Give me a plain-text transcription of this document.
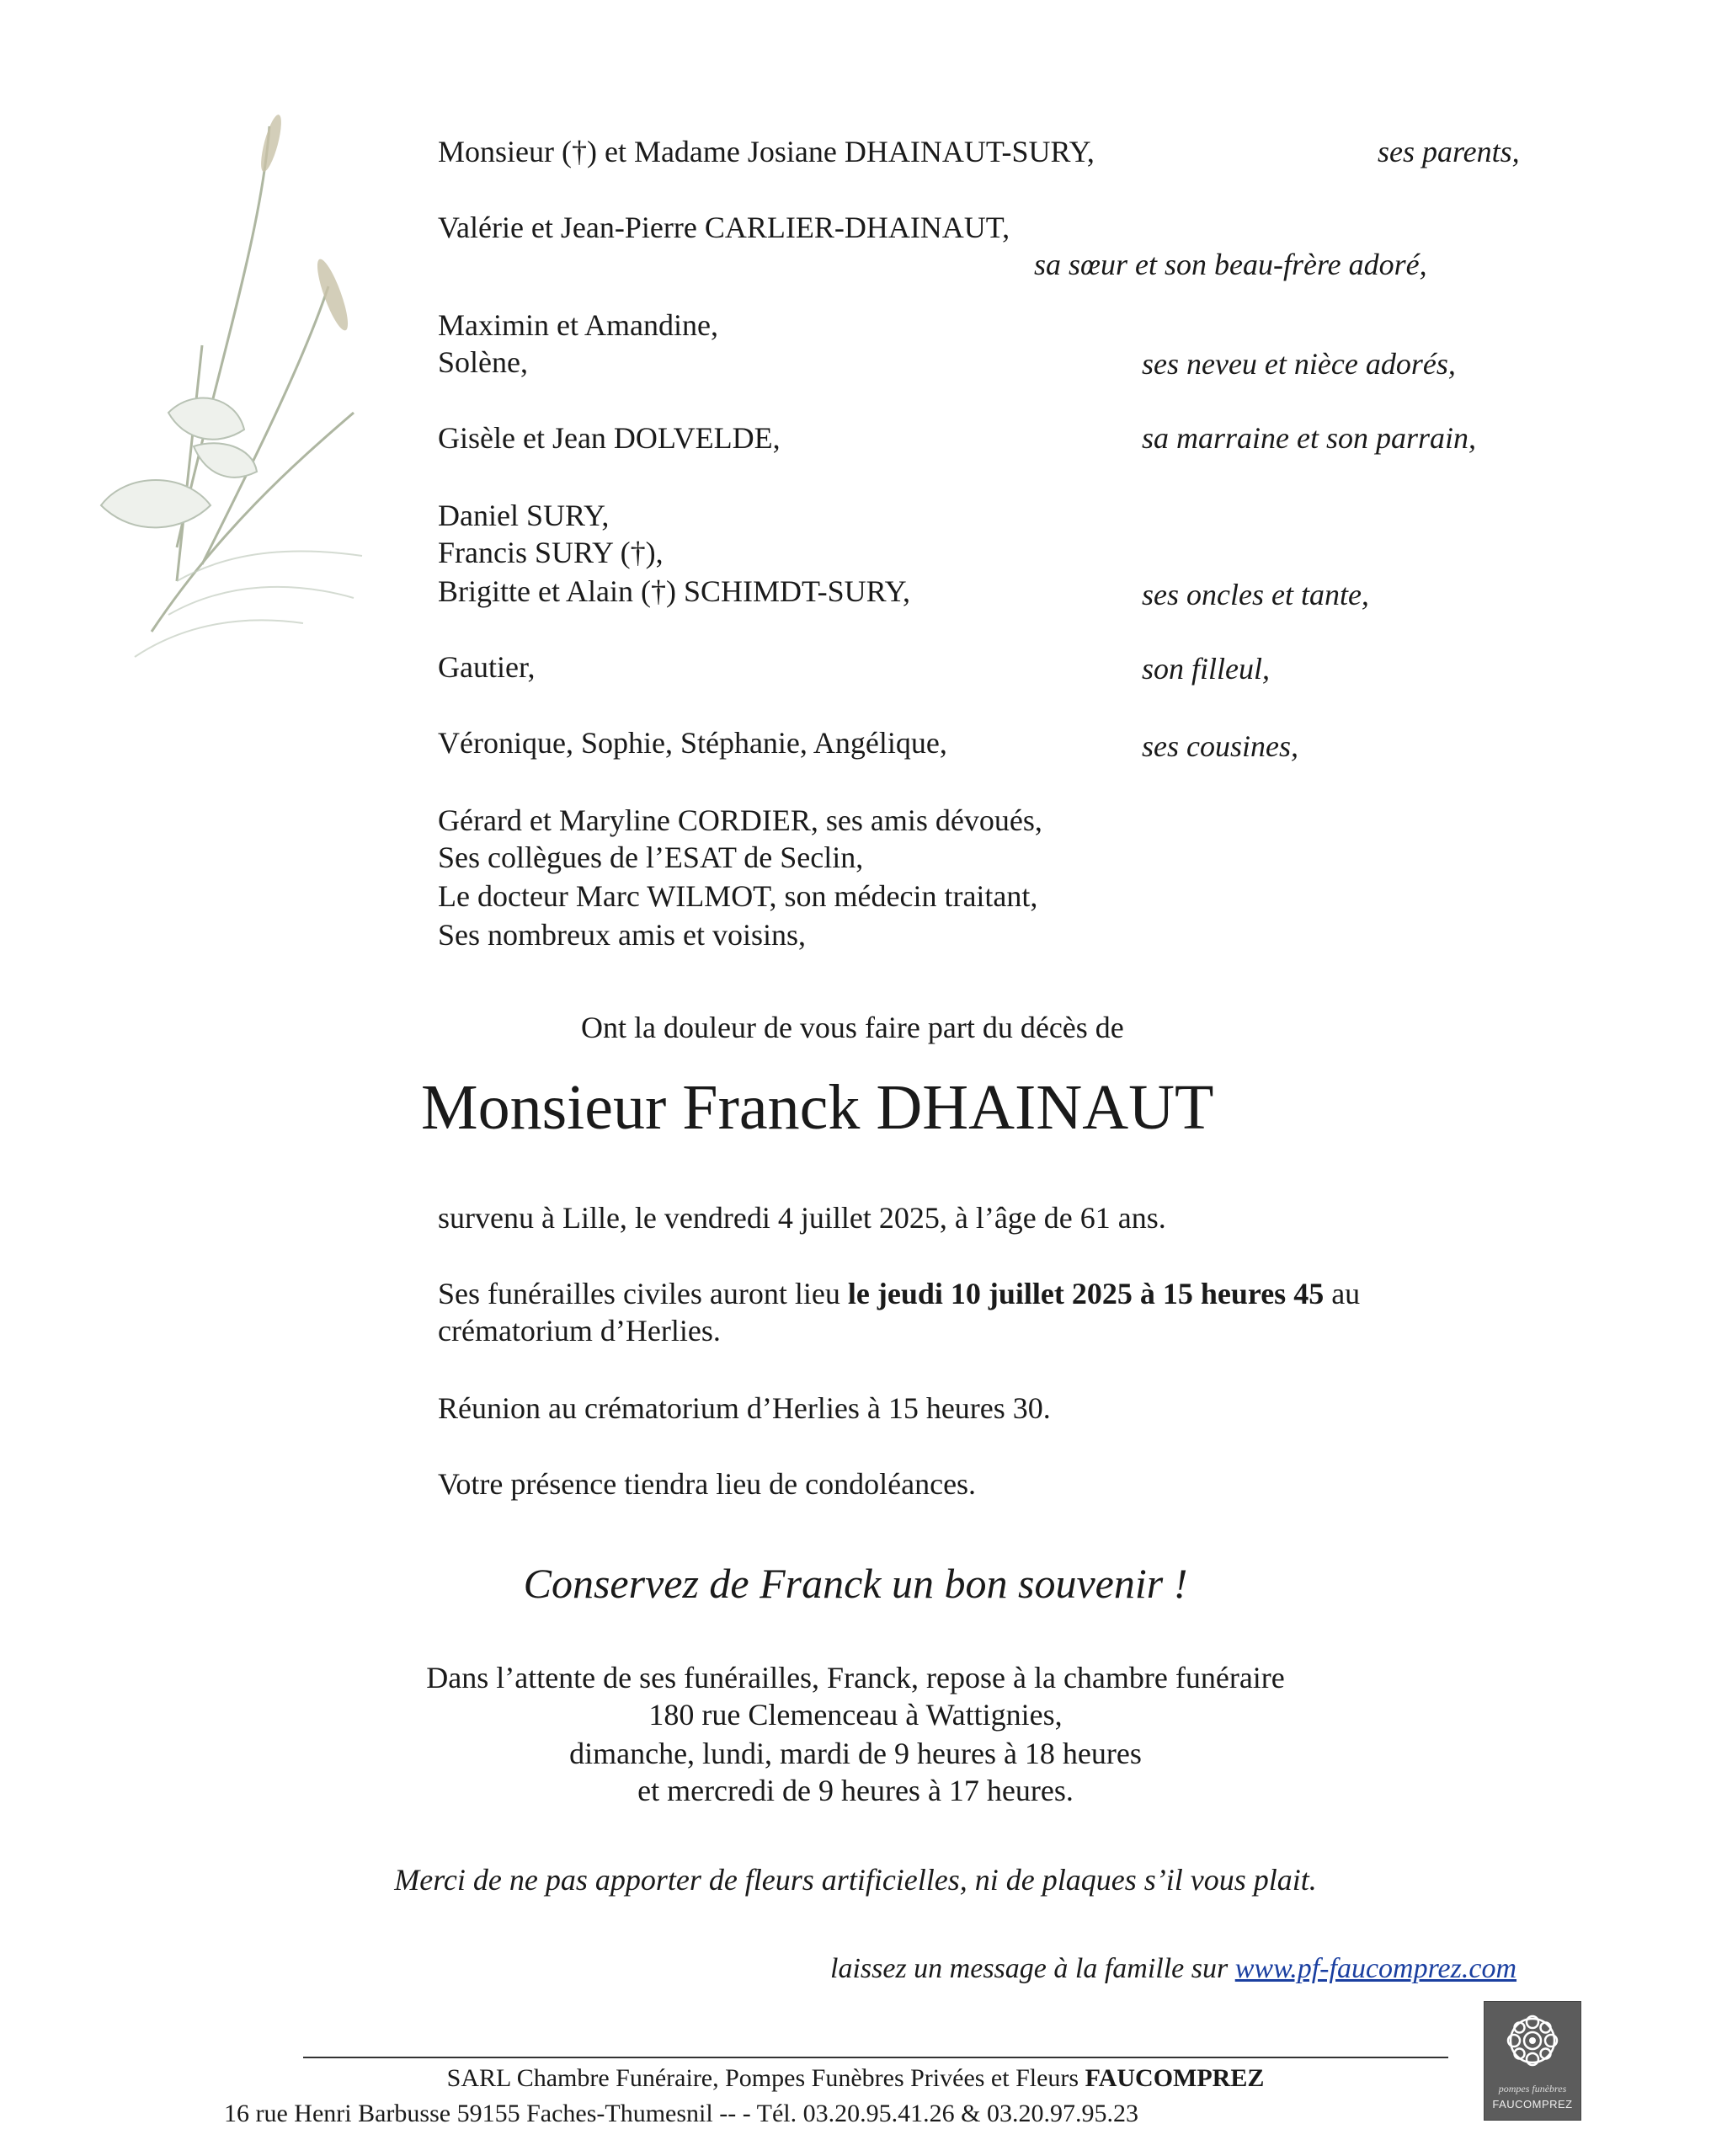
Monsieur (†) et Madame Josiane DHAINAUT-SURY,	ses parents,
Valérie et Jean-Pierre CARLIER-DHAINAUT,
sa sœur et son beau-frère adoré,
Maximin et Amandine,
Solène,	ses neveu et nièce adorés,
Gisèle et Jean DOLVELDE,	sa marraine et son parrain,
Daniel SURY,
Francis SURY (†),
Brigitte et Alain (†) SCHIMDT-SURY,	ses oncles et tante,
Gautier,	son filleul,
Véronique, Sophie, Stéphanie, Angélique,	ses cousines,
Gérard et Maryline CORDIER, ses amis dévoués,
Ses collègues de l’ESAT de Seclin,
Le docteur Marc WILMOT, son médecin traitant,
Ses nombreux amis et voisins,
Ont la douleur de vous faire part du décès de
Monsieur Franck DHAINAUT
survenu à Lille, le vendredi 4 juillet 2025, à l’âge de 61 ans.
Ses funérailles civiles auront lieu le jeudi 10 juillet 2025 à 15 heures 45 au
crématorium d’Herlies.
Réunion au crématorium d’Herlies à 15 heures 30.
Votre présence tiendra lieu de condoléances.
Conservez de Franck un bon souvenir !
Dans l’attente de ses funérailles, Franck, repose à la chambre funéraire
180 rue Clemenceau à Wattignies,
dimanche, lundi, mardi de 9 heures à 18 heures
et mercredi de 9 heures à 17 heures.
Merci de ne pas apporter de fleurs artificielles, ni de plaques s’il vous plait.
laissez un message à la famille sur www.pf-faucomprez.com
SARL Chambre Funéraire, Pompes Funèbres Privées et Fleurs FAUCOMPREZ
16 rue Henri Barbusse 59155 Faches-Thumesnil -- - Tél. 03.20.95.41.26 & 03.20.97.95.23
pompes funèbres
FAUCOMPREZ
